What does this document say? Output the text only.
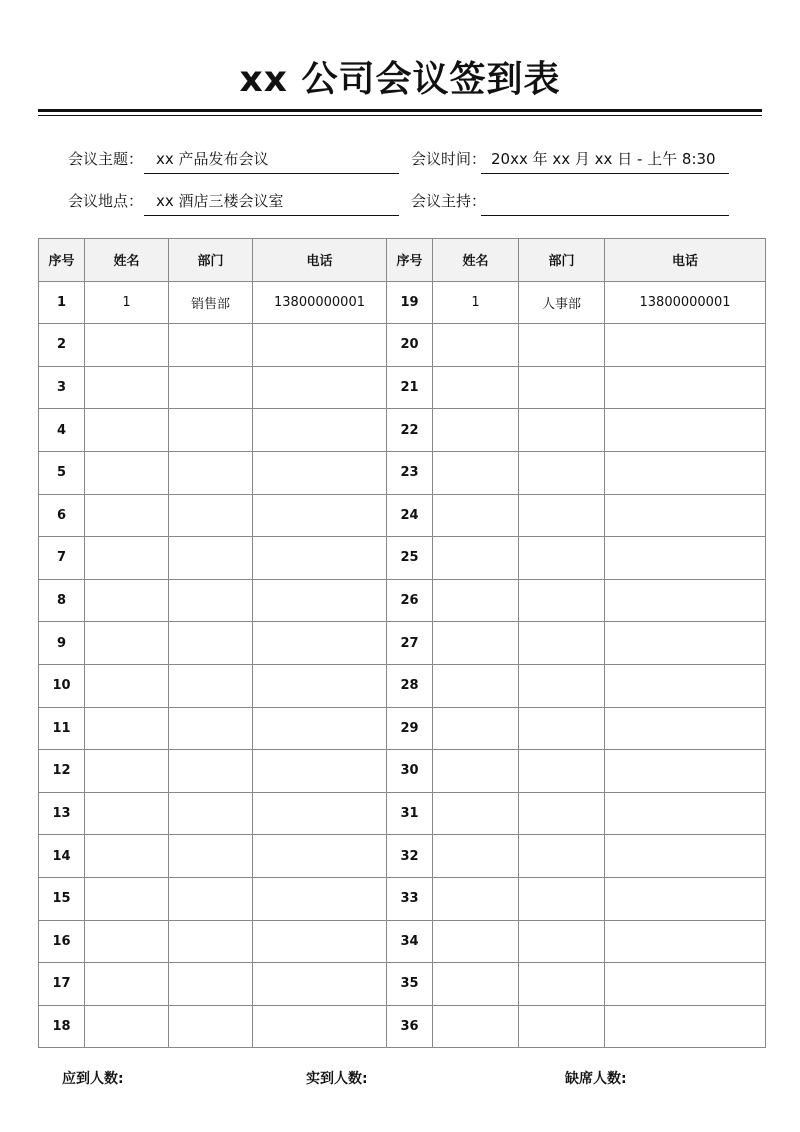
xx 公司会议签到表
会议主题： xx 产品发布会议	会议时间： 20xx 年 xx 月 xx 日 - 上午 8:30
会议地点： xx 酒店三楼会议室	会议主持：
序号	姓名	部门	电话	序号	姓名	部门	电话
1	1	销售部	13800000001	19	1	人事部	13800000001
2				20			
3				21			
4				22			
5				23			
6				24			
7				25			
8				26			
9				27			
10				28			
11				29			
12				30			
13				31			
14				32			
15				33			
16				34			
17				35			
18				36			
应到人数:	实到人数:	缺席人数:
